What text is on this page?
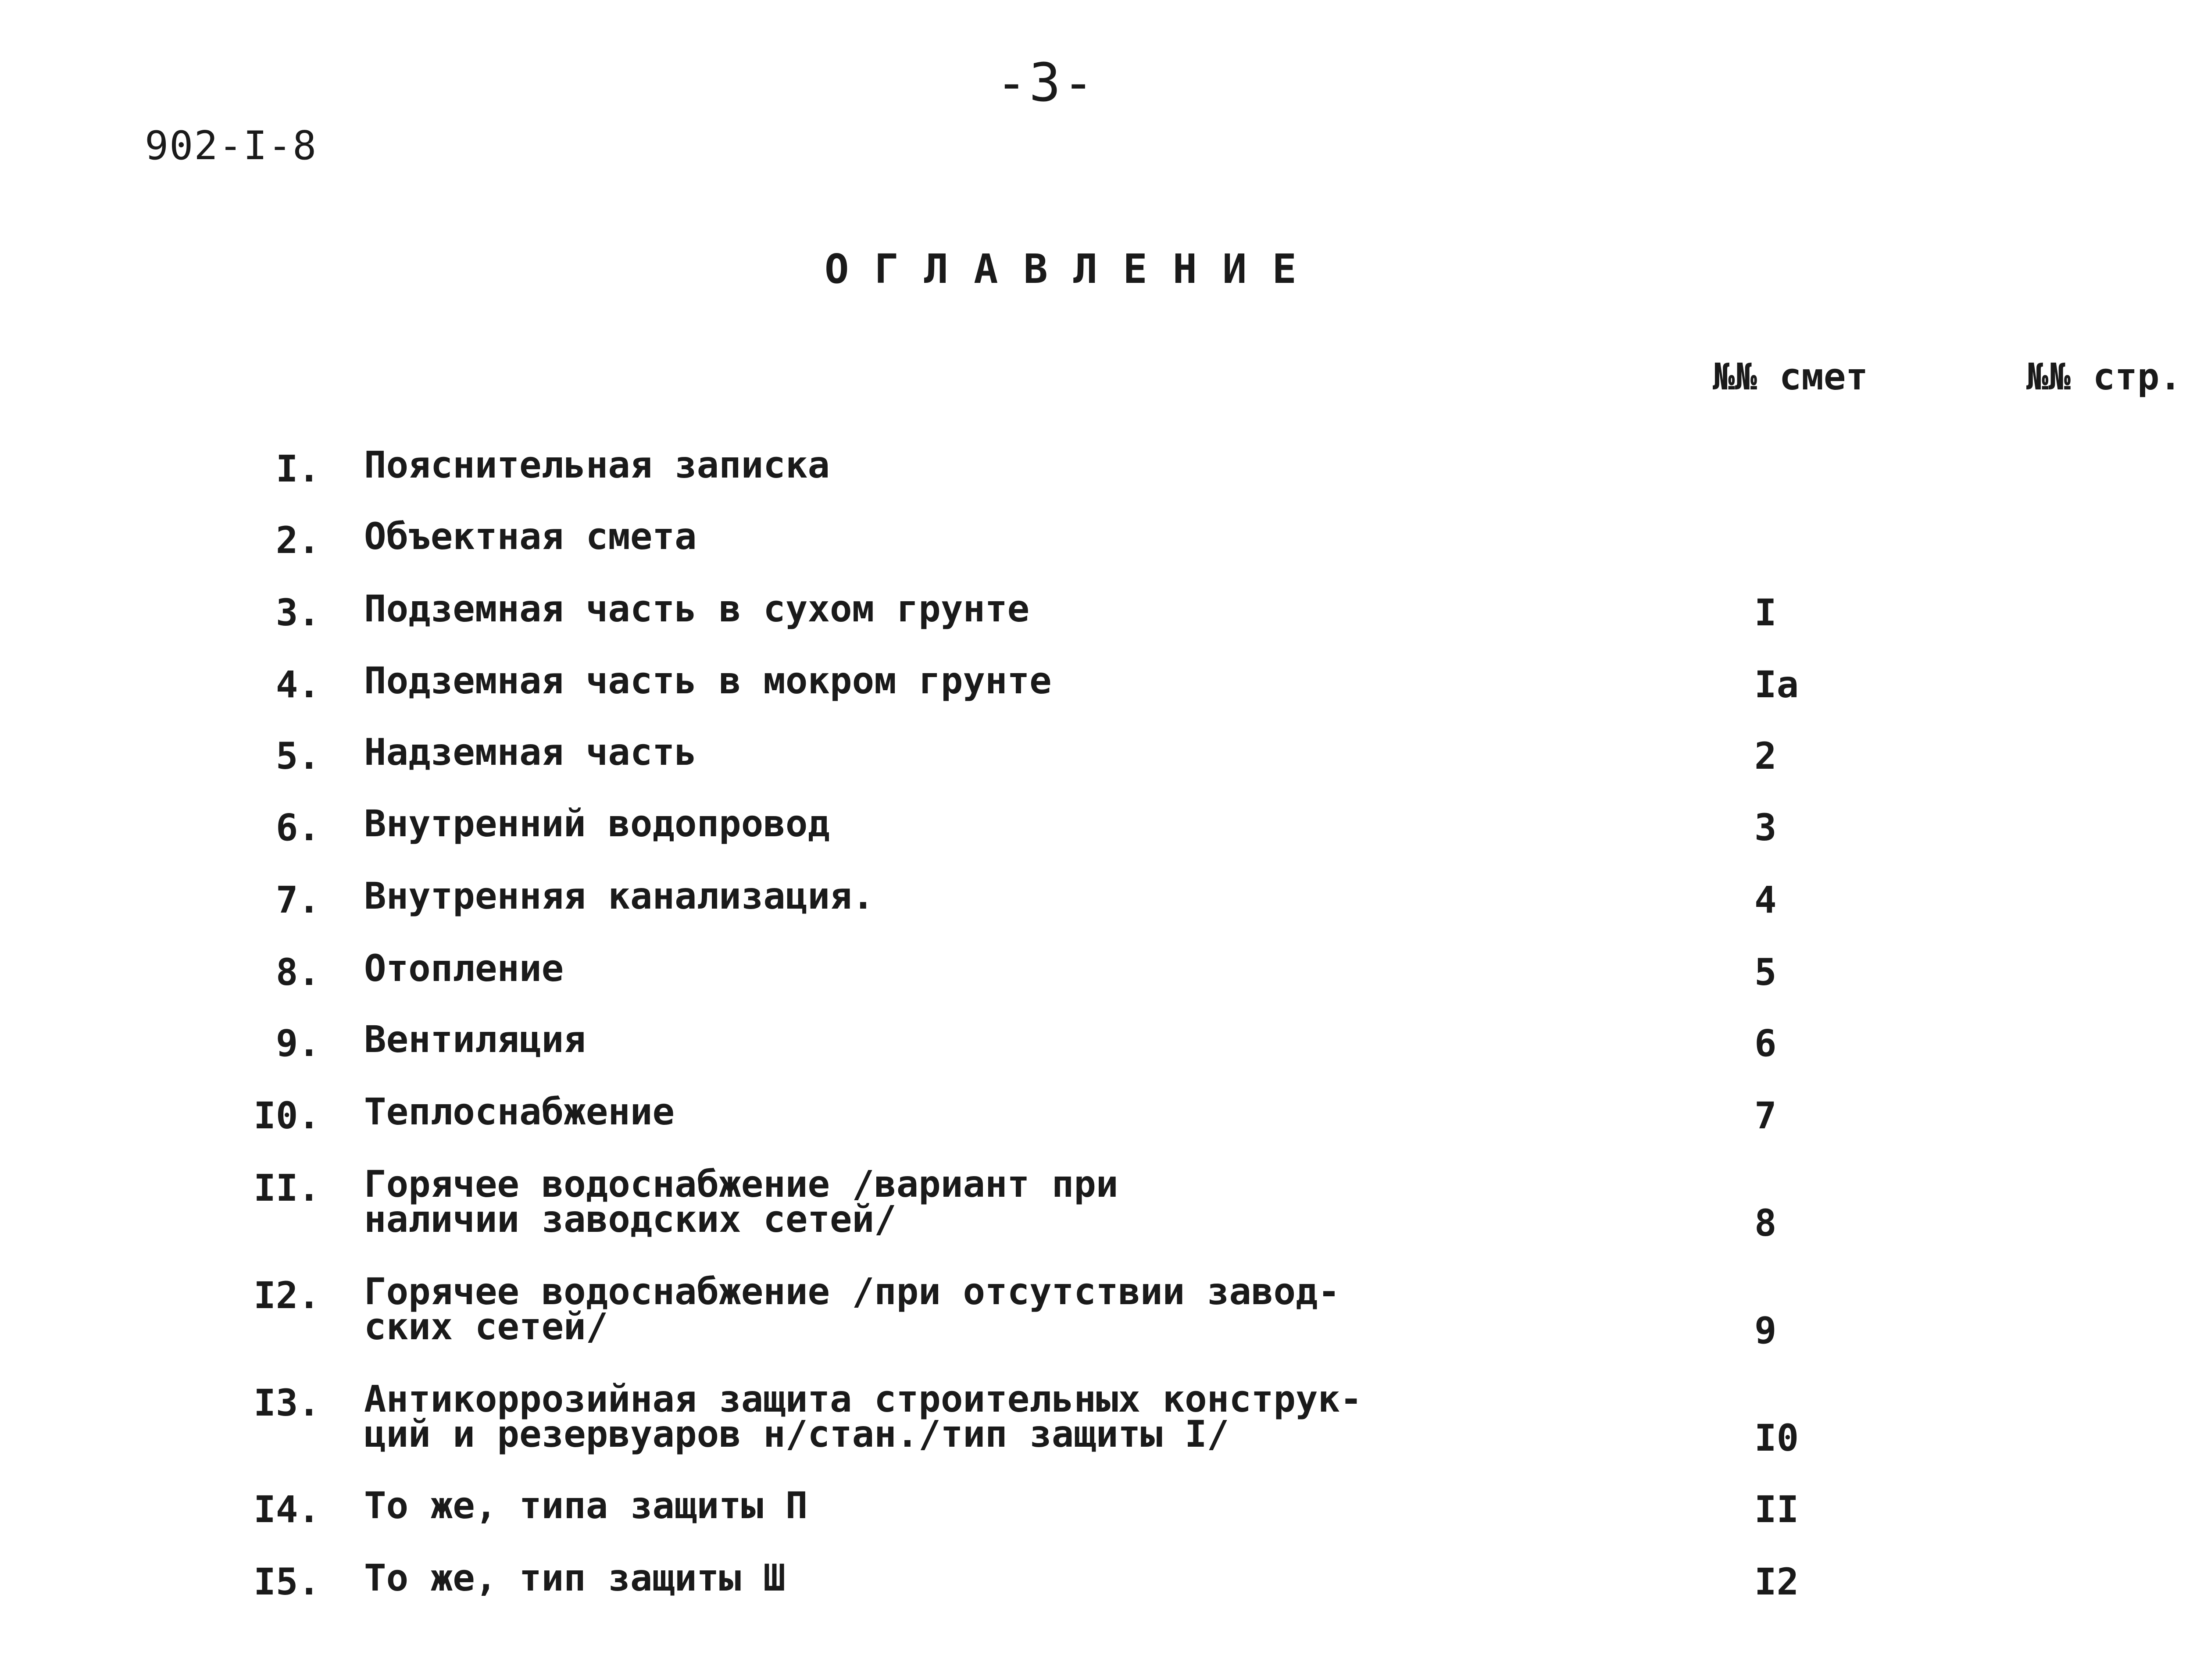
-3-
902-I-8
ОГЛАВЛЕНИЕ
№№ смет	№№ стр.
I. Пояснительная записка
2. Объектная смета
3. Подземная часть в сухом грунте	I
4. Подземная часть в мокром грунте	Iа
5. Надземная часть	2
6. Внутренний водопровод	3
7. Внутренняя канализация.	4
8. Отопление	5
9. Вентиляция	6
I0. Теплоснабжение	7
II. Горячее водоснабжение /вариант при
наличии заводских сетей/	8
I2. Горячее водоснабжение /при отсутствии завод-
ских сетей/	9
I3. Антикоррозийная защита строительных конструк-
ций и резервуаров н/стан./тип защиты I/	I0
I4. То же, типа защиты П	II
I5. То же, тип защиты Ш	I2
